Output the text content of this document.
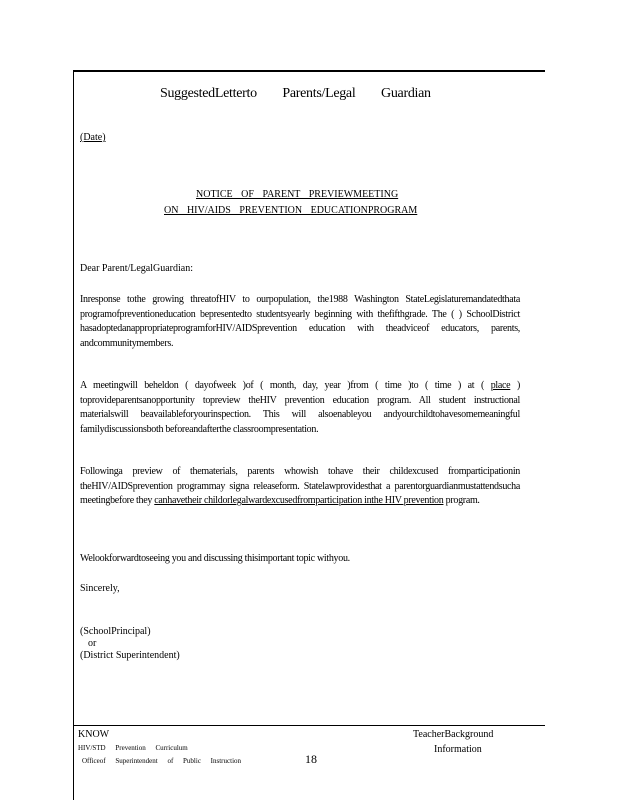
SuggestedLetterto        Parents/Legal        Guardian
(Date)
NOTICE OF PARENT PREVIEWMEETING
ON HIV/AIDS PREVENTION EDUCATIONPROGRAM
Dear Parent/LegalGuardian:
Inresponse tothe growing threatofHIV to ourpopulation, the1988 Washington StateLegislaturemandatedthata programofpreventioneducation bepresentedto studentsyearly beginning with thefifthgrade. The ( ) SchoolDistrict hasadoptedanappropriateprogramforHIV/AIDSprevention education with theadviceof educators, parents, andcommunitymembers.
A meetingwill beheldon ( dayofweek )of ( month, day, year )from ( time )to ( time ) at ( place ) toprovideparentsanopportunity topreview theHIV prevention education program. All student instructional materialswill beavailableforyourinspection. This will alsoenableyou andyourchildtohavesomemeaningful familydiscussionsboth beforeandafterthe classroompresentation.
Followinga preview of thematerials, parents whowish tohave their childexcused fromparticipationin theHIV/AIDSprevention programmay signa releaseform. Statelawprovidesthat a parentorguardianmustattendsucha meetingbefore they canhavetheir childorlegalwardexcusedfromparticipation inthe HIV prevention program.
Welookforwardtoseeing you and discussing thisimportant topic withyou.
Sincerely,
(SchoolPrincipal)
or
(District Superintendent)
KNOW
HIV/STD Prevention Curriculum
Officeof Superintendent of Public Instruction	18
TeacherBackground
Information
